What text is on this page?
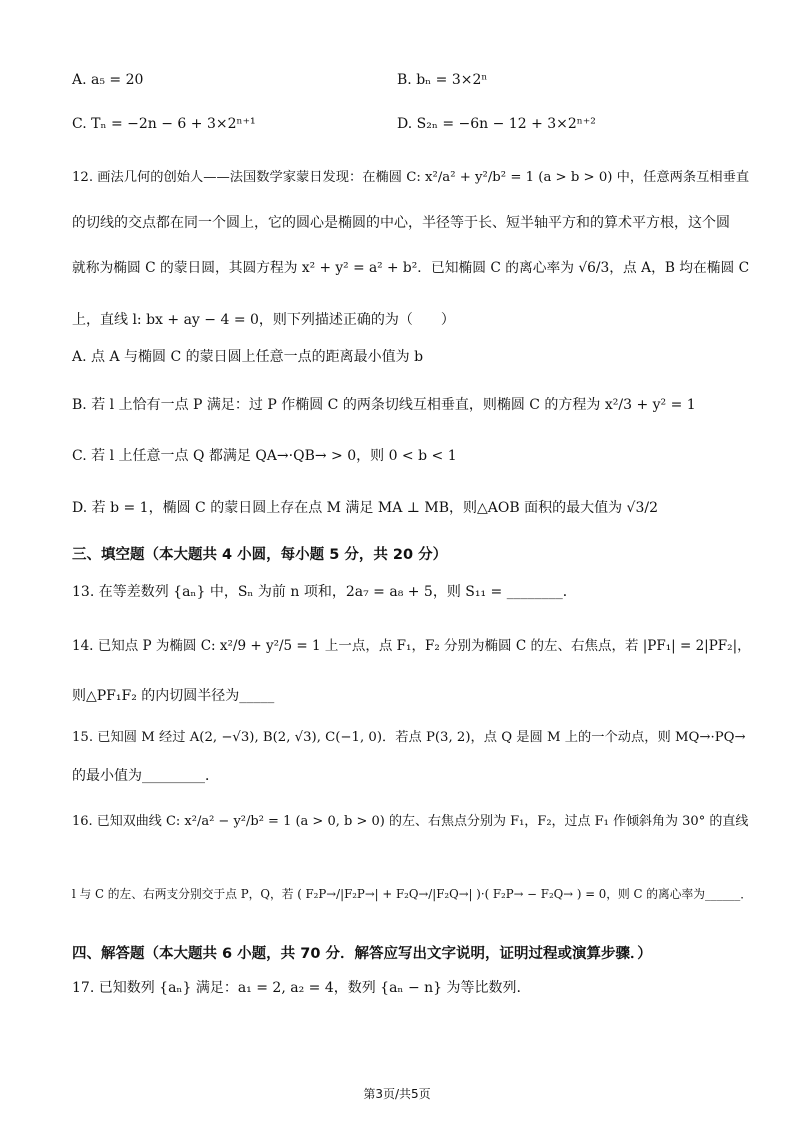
A. a₅ = 20	B. bₙ = 3×2ⁿ
C. Tₙ = −2n − 6 + 3×2ⁿ⁺¹	D. S₂ₙ = −6n − 12 + 3×2ⁿ⁺²
12. 画法几何的创始人——法国数学家蒙日发现：在椭圆 C: x²/a² + y²/b² = 1 (a > b > 0) 中，任意两条互相垂直
的切线的交点都在同一个圆上，它的圆心是椭圆的中心，半径等于长、短半轴平方和的算术平方根，这个圆
就称为椭圆 C 的蒙日圆，其圆方程为 x² + y² = a² + b²．已知椭圆 C 的离心率为 √6/3，点 A，B 均在椭圆 C
上，直线 l: bx + ay − 4 = 0，则下列描述正确的为（　　）
A. 点 A 与椭圆 C 的蒙日圆上任意一点的距离最小值为 b
B. 若 l 上恰有一点 P 满足：过 P 作椭圆 C 的两条切线互相垂直，则椭圆 C 的方程为 x²/3 + y² = 1
C. 若 l 上任意一点 Q 都满足 QA→·QB→ > 0，则 0 < b < 1
D. 若 b = 1，椭圆 C 的蒙日圆上存在点 M 满足 MA ⊥ MB，则△AOB 面积的最大值为 √3/2
三、填空题（本大题共 4 小圆，每小题 5 分，共 20 分）
13. 在等差数列 {aₙ} 中，Sₙ 为前 n 项和，2a₇ = a₈ + 5，则 S₁₁ = ________．
14. 已知点 P 为椭圆 C: x²/9 + y²/5 = 1 上一点，点 F₁，F₂ 分别为椭圆 C 的左、右焦点，若 |PF₁| = 2|PF₂|，
则△PF₁F₂ 的内切圆半径为_____
15. 已知圆 M 经过 A(2, −√3), B(2, √3), C(−1, 0)．若点 P(3, 2)，点 Q 是圆 M 上的一个动点，则 MQ→·PQ→
的最小值为_________．
16. 已知双曲线 C: x²/a² − y²/b² = 1 (a > 0, b > 0) 的左、右焦点分别为 F₁，F₂，过点 F₁ 作倾斜角为 30° 的直线
l 与 C 的左、右两支分别交于点 P，Q，若 ( F₂P→/|F₂P→| + F₂Q→/|F₂Q→| )·( F₂P→ − F₂Q→ ) = 0，则 C 的离心率为______．
四、解答题（本大题共 6 小题，共 70 分．解答应写出文字说明，证明过程或演算步骤．）
17. 已知数列 {aₙ} 满足：a₁ = 2, a₂ = 4，数列 {aₙ − n} 为等比数列.
第3页/共5页
